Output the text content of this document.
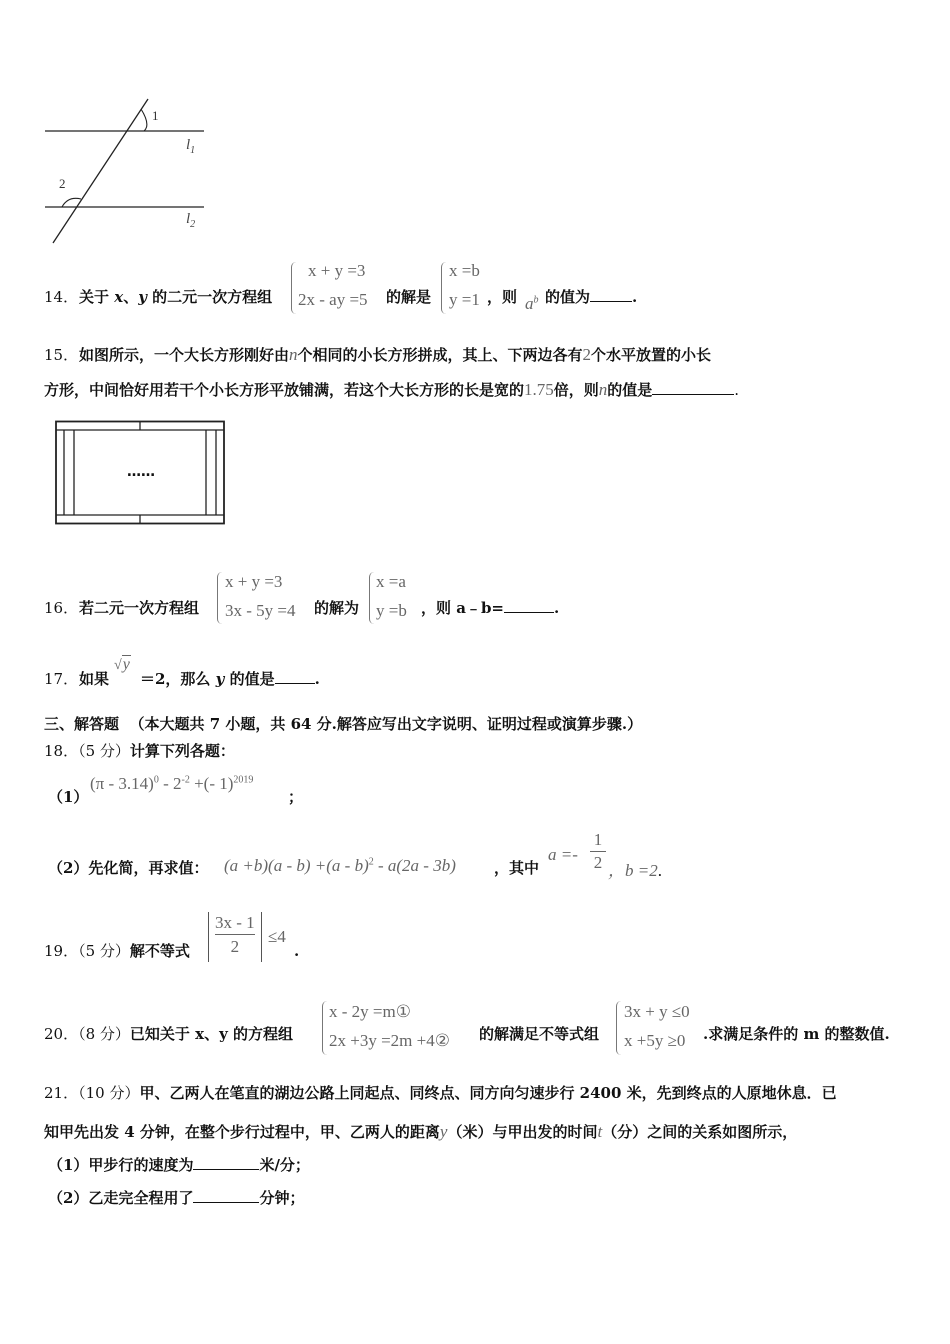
1
2
$l_1$
$l_2$
14． 关于 x、y 的二元一次方程组
x + y =3
2x - ay =5 的解是
x =b
y =1 ，则 $a^b$ 的值为	.
15． 如图所示，一个大长方形刚好由n个相同的小长方形拼成，其上、下两边各有2个水平放置的小长
方形，中间恰好用若干个小长方形平放铺满，若这个大长方形的长是宽的1.75倍，则n的值是	.
……
16． 若二元一次方程组
x + y =3
3x - 5y =4 的解为
x =a
y =b ，则 a﹣b=	.
17． 如果
√y
＝2，那么 y 的值是	.
三、解答题 （本大题共 7 小题，共 64 分.解答应写出文字说明、证明过程或演算步骤.）
18．（5 分）计算下列各题：
（1）
$(\pi - 3.14)^0 - 2^{-2}$ +(- 1)$^{2019}$
；
（2）先化简，再求值： (a +b)(a - b) +(a - b)$^2$ - a(2a - 3b)	，其中
a =-
1
2 ，b =2.
19．（5 分）解不等式
3x - 1
2
≤4
.
20．（8 分）已知关于 x、y 的方程组
x - 2y =m①
2x +3y =2m +4② 的解满足不等式组
3x + y ≤0
x +5y ≥0 .求满足条件的 m 的整数值.
21．（10 分）甲、乙两人在笔直的湖边公路上同起点、同终点、同方向匀速步行 2400 米，先到终点的人原地休息．已
知甲先出发 4 分钟，在整个步行过程中，甲、乙两人的距离y（米）与甲出发的时间t（分）之间的关系如图所示，
（1）甲步行的速度为	米/分；
（2）乙走完全程用了	分钟；
